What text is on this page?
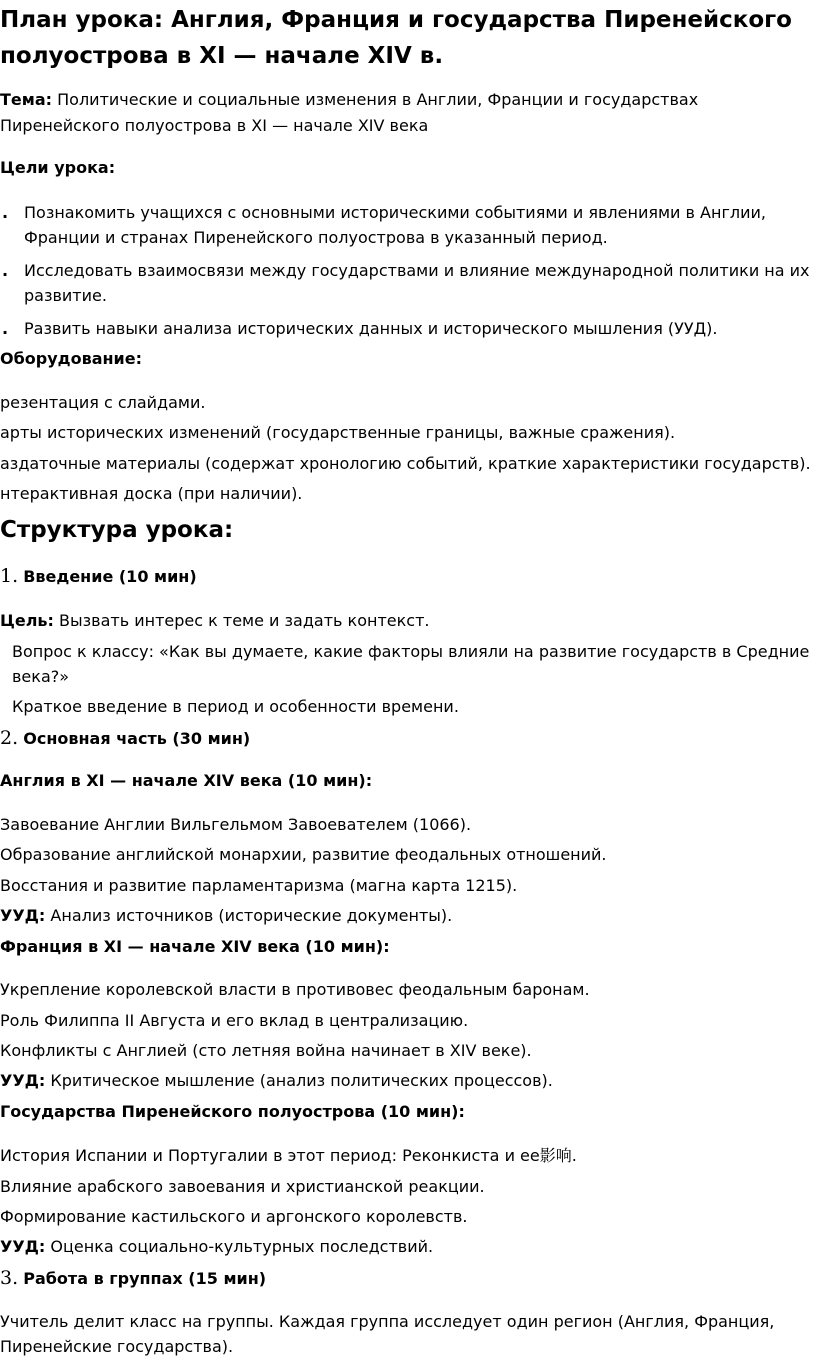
План урока: Англия, Франция и государства Пиренейского
полуострова в XI — начале XIV в.
Тема: Политические и социальные изменения в Англии, Франции и государствах
Пиренейского полуострова в XI — начале XIV века
Цели урока:
. Познакомить учащихся с основными историческими событиями и явлениями в Англии,
Франции и странах Пиренейского полуострова в указанный период.
. Исследовать взаимосвязи между государствами и влияние международной политики на их
развитие.
. Развить навыки анализа исторических данных и исторического мышления (УУД).
Оборудование:
резентация с слайдами.
арты исторических изменений (государственные границы, важные сражения).
аздаточные материалы (содержат хронологию событий, краткие характеристики государств).
нтерактивная доска (при наличии).
Структура урока:
1. Введение (10 мин)
Цель: Вызвать интерес к теме и задать контекст.
Вопрос к классу: «Как вы думаете, какие факторы влияли на развитие государств в Средние
века?»
Краткое введение в период и особенности времени.
2. Основная часть (30 мин)
Англия в XI — начале XIV века (10 мин):
Завоевание Англии Вильгельмом Завоевателем (1066).
Образование английской монархии, развитие феодальных отношений.
Восстания и развитие парламентаризма (магна карта 1215).
УУД: Анализ источников (исторические документы).
Франция в XI — начале XIV века (10 мин):
Укрепление королевской власти в противовес феодальным баронам.
Роль Филиппа II Августа и его вклад в централизацию.
Конфликты с Англией (сто летняя война начинает в XIV веке).
УУД: Критическое мышление (анализ политических процессов).
Государства Пиренейского полуострова (10 мин):
История Испании и Португалии в этот период: Реконкиста и ее影响.
Влияние арабского завоевания и христианской реакции.
Формирование кастильского и аргонского королевств.
УУД: Оценка социально-культурных последствий.
3. Работа в группах (15 мин)
Учитель делит класс на группы. Каждая группа исследует один регион (Англия, Франция,
Пиренейские государства).
